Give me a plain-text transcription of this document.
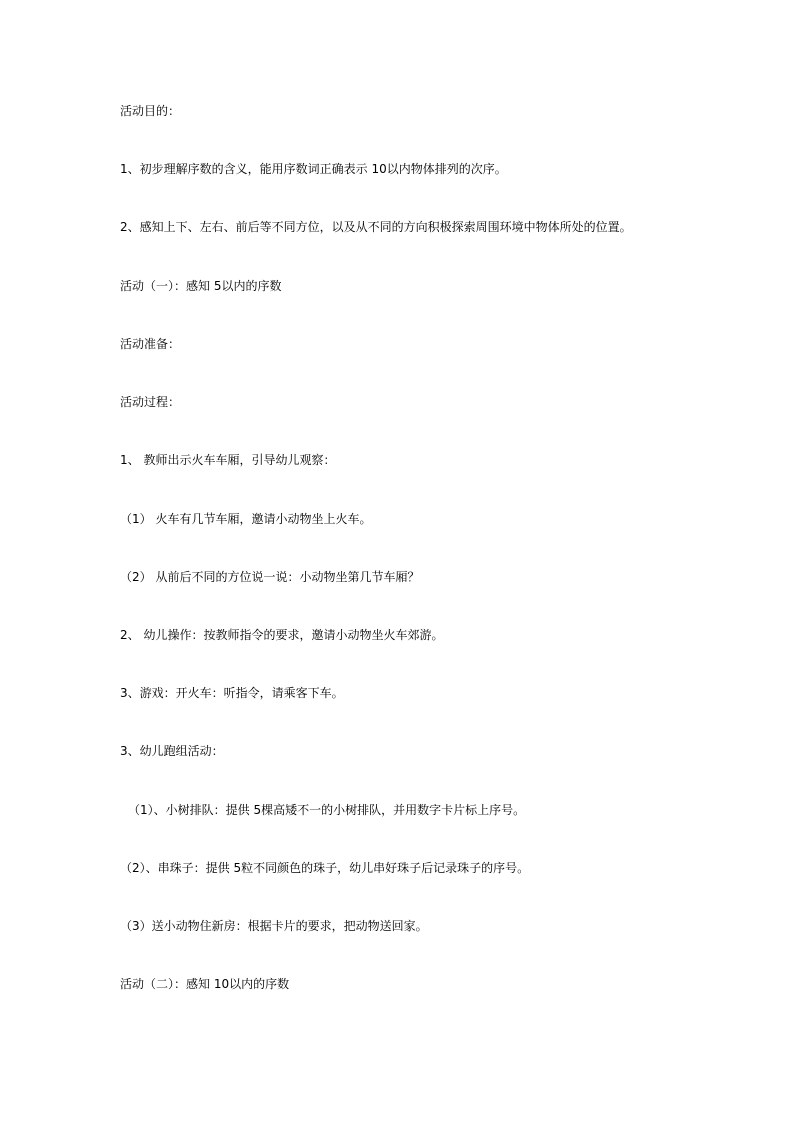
活动目的：
1、初步理解序数的含义，能用序数词正确表示 10以内物体排列的次序。
2、感知上下、左右、前后等不同方位，以及从不同的方向积极探索周围环境中物体所处的位置。
活动（一）：感知 5以内的序数
活动准备：
活动过程：
1、 教师出示火车车厢，引导幼儿观察：
（1） 火车有几节车厢，邀请小动物坐上火车。
（2） 从前后不同的方位说一说：小动物坐第几节车厢？
2、 幼儿操作：按教师指令的要求，邀请小动物坐火车郊游。
3、游戏：开火车：听指令，请乘客下车。
3、幼儿跑组活动：
（1）、小树排队：提供 5棵高矮不一的小树排队，并用数字卡片标上序号。
（2）、串珠子：提供 5粒不同颜色的珠子，幼儿串好珠子后记录珠子的序号。
（3）送小动物住新房：根据卡片的要求，把动物送回家。
活动（二）：感知 10以内的序数
